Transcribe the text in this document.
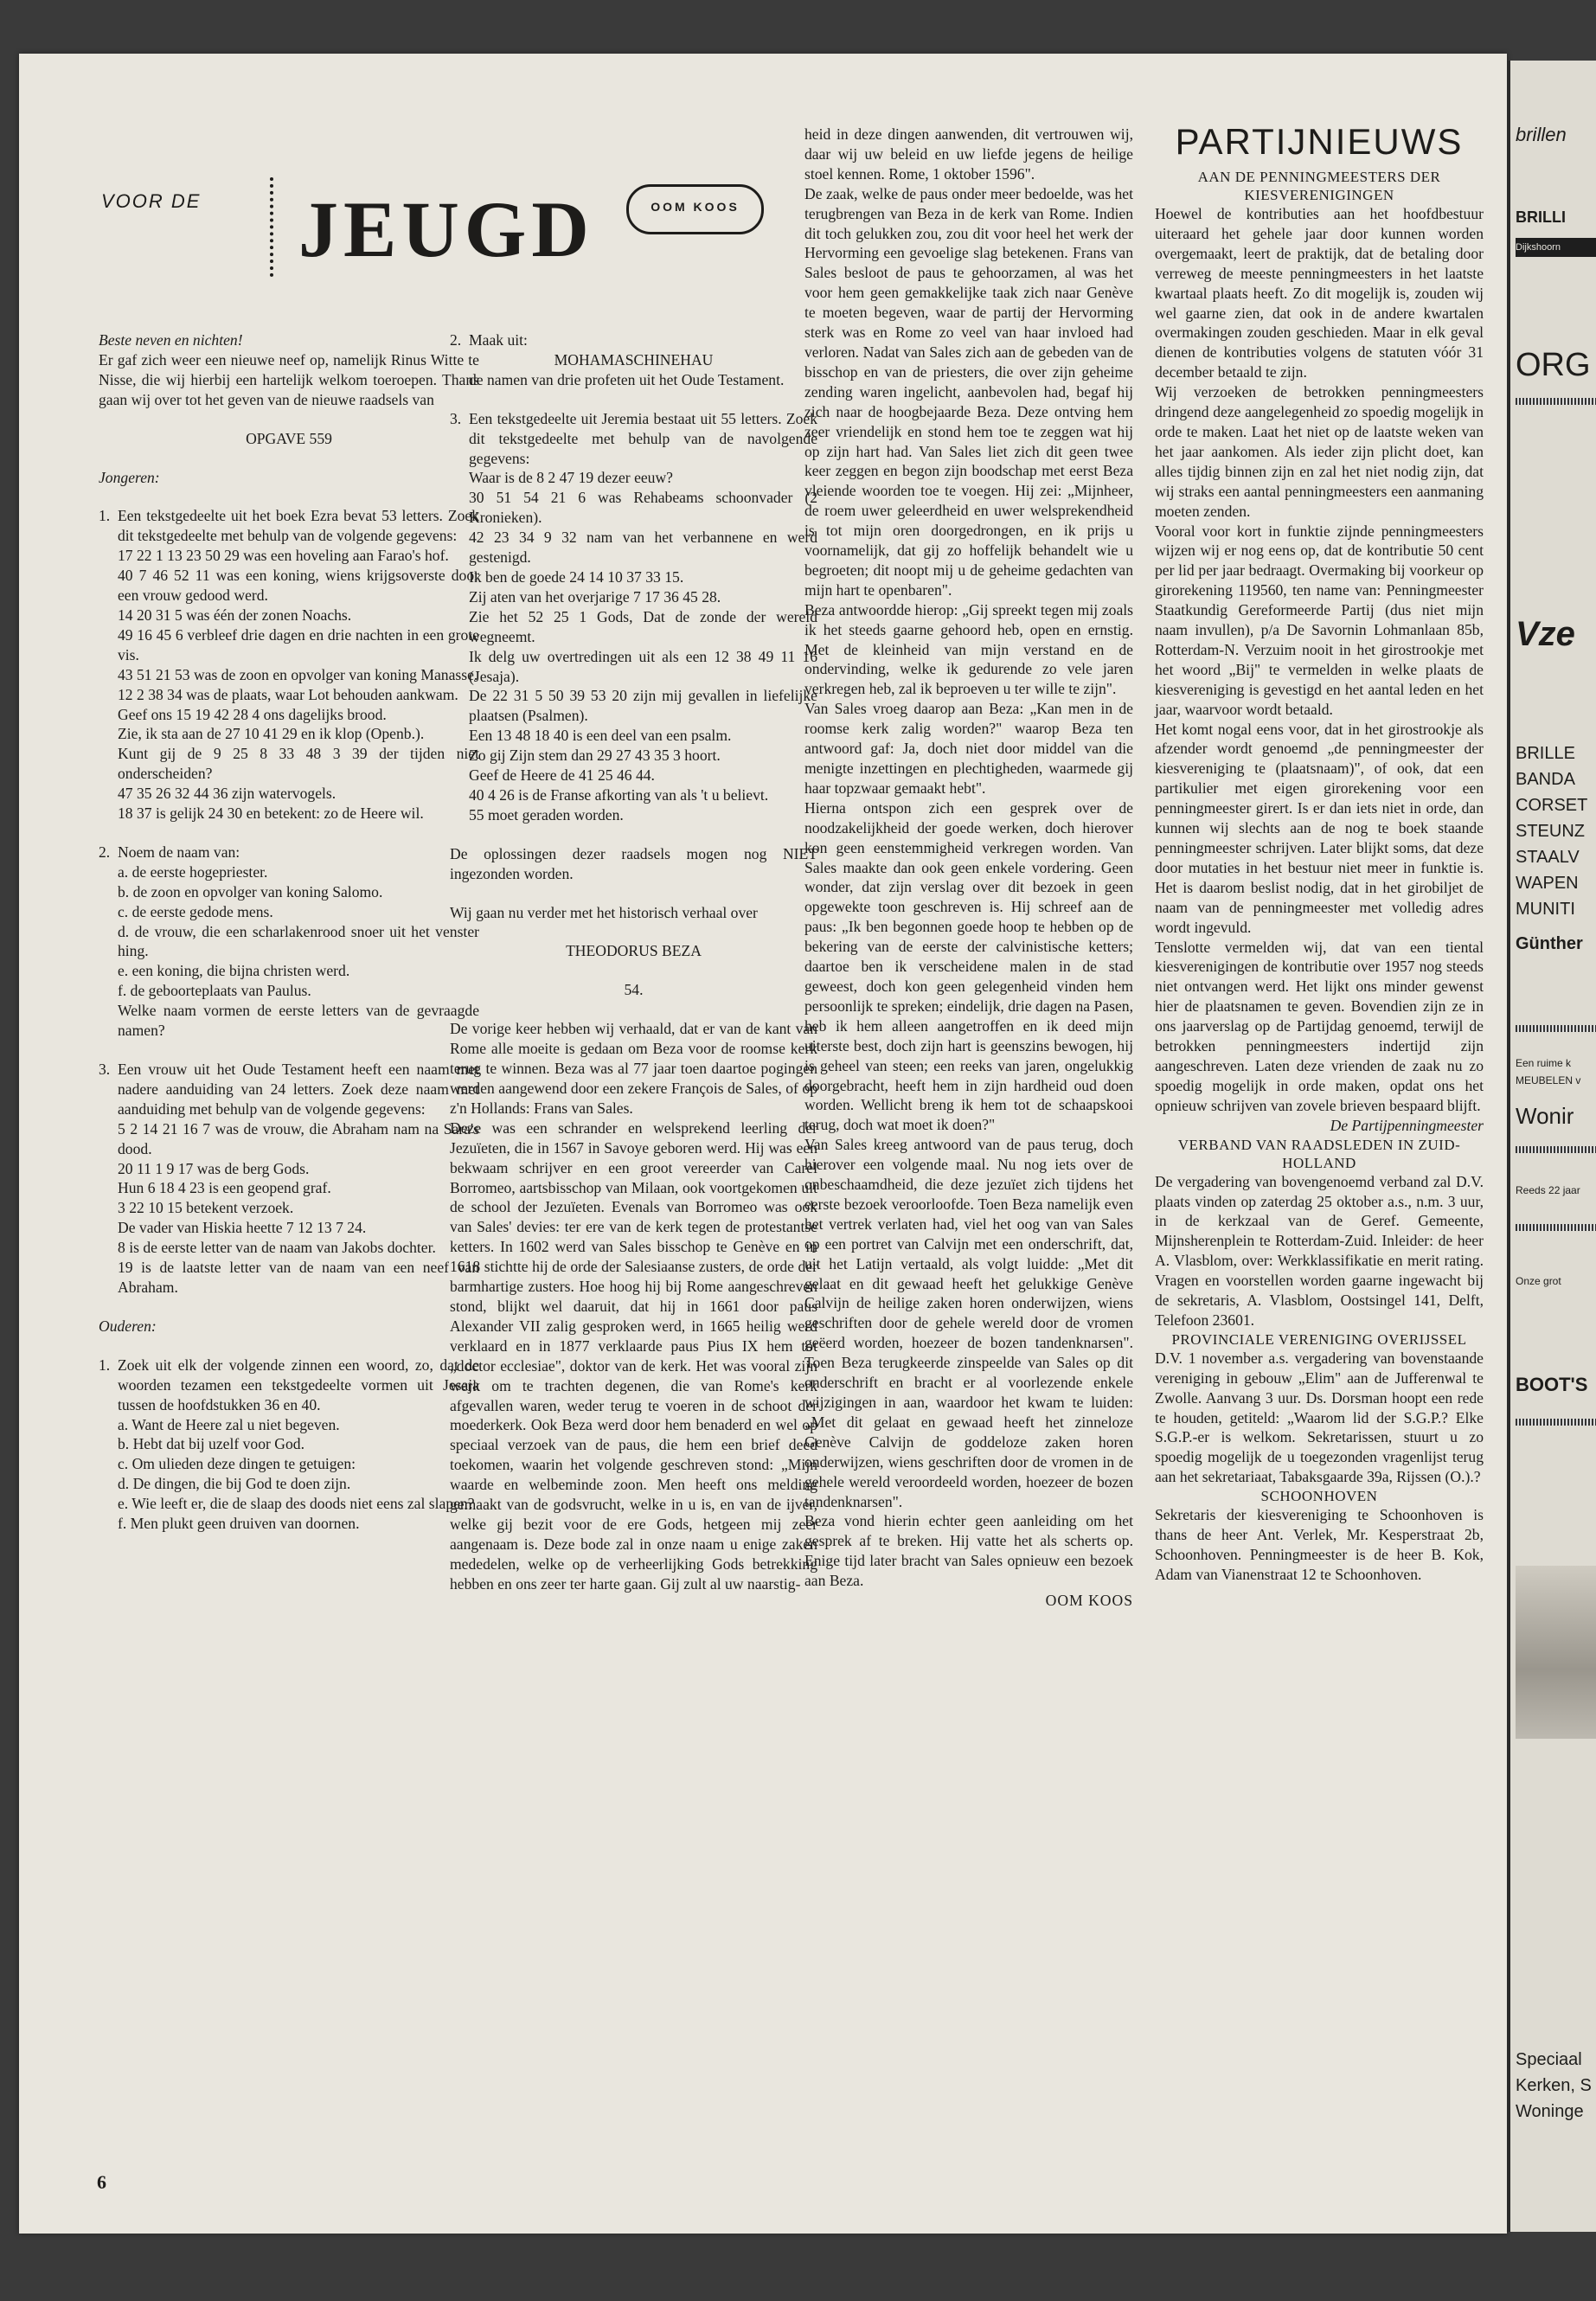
VOOR DE JEUGD	OOM KOOS

Beste neven en nichten!

Er gaf zich weer een nieuwe neef op, namelijk Rinus Witte te Nisse, die wij hierbij een hartelijk welkom toeroepen. Thans gaan wij over tot het geven van de nieuwe raadsels van

OPGAVE 559

Jongeren:

1. Een tekstgedeelte uit het boek Ezra bevat 53 letters. Zoek dit tekstgedeelte met behulp van de volgende gegevens:

17 22 1 13 23 50 29 was een hoveling aan Farao's hof.

40 7 46 52 11 was een koning, wiens krijgsoverste door een vrouw gedood werd.

14 20 31 5 was één der zonen Noachs.

49 16 45 6 verbleef drie dagen en drie nachten in een grote vis.

43 51 21 53 was de zoon en opvolger van koning Manasse.

12 2 38 34 was de plaats, waar Lot behouden aankwam.

Geef ons 15 19 42 28 4 ons dagelijks brood.

Zie, ik sta aan de 27 10 41 29 en ik klop (Openb.).

Kunt gij de 9 25 8 33 48 3 39 der tijden niet onderscheiden?

47 35 26 32 44 36 zijn watervogels.

18 37 is gelijk 24 30 en betekent: zo de Heere wil.

2. Noem de naam van:

a. de eerste hogepriester.

b. de zoon en opvolger van koning Salomo.

c. de eerste gedode mens.

d. de vrouw, die een scharlakenrood snoer uit het venster hing.

e. een koning, die bijna christen werd.

f. de geboorteplaats van Paulus.

Welke naam vormen de eerste letters van de gevraagde namen?

3. Een vrouw uit het Oude Testament heeft een naam met nadere aanduiding van 24 letters. Zoek deze naam met aanduiding met behulp van de volgende gegevens:

5 2 14 21 16 7 was de vrouw, die Abraham nam na Sara's dood.

20 11 1 9 17 was de berg Gods.

Hun 6 18 4 23 is een geopend graf.

3 22 10 15 betekent verzoek.

De vader van Hiskia heette 7 12 13 7 24.

8 is de eerste letter van de naam van Jakobs dochter.

19 is de laatste letter van de naam van een neef van Abraham.

Ouderen:

1. Zoek uit elk der volgende zinnen een woord, zo, dat de woorden tezamen een tekstgedeelte vormen uit Jesaja tussen de hoofdstukken 36 en 40.

a. Want de Heere zal u niet begeven.

b. Hebt dat bij uzelf voor God.

c. Om ulieden deze dingen te getuigen:

d. De dingen, die bij God te doen zijn.

e. Wie leeft er, die de slaap des doods niet eens zal slapen?

f. Men plukt geen druiven van doornen.

2. Maak uit:

MOHAMASCHINEHAU

de namen van drie profeten uit het Oude Testament.

3. Een tekstgedeelte uit Jeremia bestaat uit 55 letters. Zoek dit tekstgedeelte met behulp van de navolgende gegevens:

Waar is de 8 2 47 19 dezer eeuw?

30 51 54 21 6 was Rehabeams schoonvader (2 Kronieken).

42 23 34 9 32 nam van het verbannene en werd gestenigd.

Ik ben de goede 24 14 10 37 33 15.

Zij aten van het overjarige 7 17 36 45 28.

Zie het 52 25 1 Gods, Dat de zonde der wereld wegneemt.

Ik delg uw overtredingen uit als een 12 38 49 11 16 (Jesaja).

De 22 31 5 50 39 53 20 zijn mij gevallen in liefelijke plaatsen (Psalmen).

Een 13 48 18 40 is een deel van een psalm.

Zo gij Zijn stem dan 29 27 43 35 3 hoort.

Geef de Heere de 41 25 46 44.

40 4 26 is de Franse afkorting van als 't u believt.

55 moet geraden worden.

De oplossingen dezer raadsels mogen nog NIET ingezonden worden.

Wij gaan nu verder met het historisch verhaal over

THEODORUS BEZA

54.

De vorige keer hebben wij verhaald, dat er van de kant van Rome alle moeite is gedaan om Beza voor de roomse kerk terug te winnen. Beza was al 77 jaar toen daartoe pogingen werden aangewend door een zekere François de Sales, of op z'n Hollands: Frans van Sales.

Deze was een schrander en welsprekend leerling der Jezuïeten, die in 1567 in Savoye geboren werd. Hij was een bekwaam schrijver en een groot vereerder van Carel Borromeo, aartsbisschop van Milaan, ook voortgekomen uit de school der Jezuïeten. Evenals van Borromeo was ook van Sales' devies: ter ere van de kerk tegen de protestantse ketters. In 1602 werd van Sales bisschop te Genève en in 1618 stichtte hij de orde der Salesiaanse zusters, de orde der barmhartige zusters. Hoe hoog hij bij Rome aangeschreven stond, blijkt wel daaruit, dat hij in 1661 door paus Alexander VII zalig gesproken werd, in 1665 heilig werd verklaard en in 1877 verklaarde paus Pius IX hem tot „doctor ecclesiae", doktor van de kerk. Het was vooral zijn werk om te trachten degenen, die van Rome's kerk afgevallen waren, weder terug te voeren in de schoot der moederkerk. Ook Beza werd door hem benaderd en wel op speciaal verzoek van de paus, die hem een brief deed toekomen, waarin het volgende geschreven stond: „Mijn waarde en welbeminde zoon. Men heeft ons melding gemaakt van de godsvrucht, welke in u is, en van de ijver, welke gij bezit voor de ere Gods, hetgeen mij zeer aangenaam is. Deze bode zal in onze naam u enige zaken mededelen, welke op de verheerlijking Gods betrekking hebben en ons zeer ter harte gaan. Gij zult al uw naarstig-

heid in deze dingen aanwenden, dit vertrouwen wij, daar wij uw beleid en uw liefde jegens de heilige stoel kennen. Rome, 1 oktober 1596".

De zaak, welke de paus onder meer bedoelde, was het terugbrengen van Beza in de kerk van Rome. Indien dit toch gelukken zou, zou dit voor heel het werk der Hervorming een gevoelige slag betekenen. Frans van Sales besloot de paus te gehoorzamen, al was het voor hem geen gemakkelijke taak zich naar Genève te moeten begeven, waar de partij der Hervorming sterk was en Rome zo veel van haar invloed had verloren. Nadat van Sales zich aan de gebeden van de bisschop en van de priesters, die over zijn geheime zending waren ingelicht, aanbevolen had, begaf hij zich naar de hoogbejaarde Beza. Deze ontving hem zeer vriendelijk en stond hem toe te zeggen wat hij op zijn hart had. Van Sales liet zich dit geen twee keer zeggen en begon zijn boodschap met eerst Beza vleiende woorden toe te voegen. Hij zei: „Mijnheer, de roem uwer geleerdheid en uwer welsprekendheid is tot mijn oren doorgedrongen, en ik prijs u voornamelijk, dat gij zo hoffelijk behandelt wie u begroeten; dit noopt mij u de geheime gedachten van mijn hart te openbaren".

Beza antwoordde hierop: „Gij spreekt tegen mij zoals ik het steeds gaarne gehoord heb, open en ernstig. Met de kleinheid van mijn verstand en de ondervinding, welke ik gedurende zo vele jaren verkregen heb, zal ik beproeven u ter wille te zijn".

Van Sales vroeg daarop aan Beza: „Kan men in de roomse kerk zalig worden?" waarop Beza ten antwoord gaf: Ja, doch niet door middel van die menigte inzettingen en plechtigheden, waarmede gij haar topzwaar gemaakt hebt".

Hierna ontspon zich een gesprek over de noodzakelijkheid der goede werken, doch hierover kon geen eenstemmigheid verkregen worden. Van Sales maakte dan ook geen enkele vordering. Geen wonder, dat zijn verslag over dit bezoek in geen opgewekte toon geschreven is. Hij schreef aan de paus: „Ik ben begonnen goede hoop te hebben op de bekering van de eerste der calvinistische ketters; daartoe ben ik verscheidene malen in de stad geweest, doch kon geen gelegenheid vinden hem persoonlijk te spreken; eindelijk, drie dagen na Pasen, heb ik hem alleen aangetroffen en ik deed mijn uiterste best, doch zijn hart is geenszins bewogen, hij is geheel van steen; een reeks van jaren, ongelukkig doorgebracht, heeft hem in zijn hardheid oud doen worden. Wellicht breng ik hem tot de schaapskooi terug, doch wat moet ik doen?"

Van Sales kreeg antwoord van de paus terug, doch hierover een volgende maal. Nu nog iets over de onbeschaamdheid, die deze jezuïet zich tijdens het eerste bezoek veroorloofde. Toen Beza namelijk even het vertrek verlaten had, viel het oog van van Sales op een portret van Calvijn met een onderschrift, dat, uit het Latijn vertaald, als volgt luidde: „Met dit gelaat en dit gewaad heeft het gelukkige Genève Calvijn de heilige zaken horen onderwijzen, wiens geschriften door de gehele wereld door de vromen geëerd worden, hoezeer de bozen tandenknarsen". Toen Beza terugkeerde zinspeelde van Sales op dit onderschrift en bracht er al voorlezende enkele wijzigingen in aan, waardoor het kwam te luiden: „Met dit gelaat en gewaad heeft het zinneloze Genève Calvijn de goddeloze zaken horen onderwijzen, wiens geschriften door de vromen in de gehele wereld veroordeeld worden, hoezeer de bozen tandenknarsen".

Beza vond hierin echter geen aanleiding om het gesprek af te breken. Hij vatte het als scherts op. Enige tijd later bracht van Sales opnieuw een bezoek aan Beza.

OOM KOOS

PARTIJNIEUWS

AAN DE PENNINGMEESTERS DER KIESVERENIGINGEN

Hoewel de kontributies aan het hoofdbestuur uiteraard het gehele jaar door kunnen worden overgemaakt, leert de praktijk, dat de betaling door verreweg de meeste penningmeesters in het laatste kwartaal plaats heeft. Zo dit mogelijk is, zouden wij wel gaarne zien, dat ook in de andere kwartalen overmakingen zouden geschieden. Maar in elk geval dienen de kontributies volgens de statuten vóór 31 december betaald te zijn.

Wij verzoeken de betrokken penningmeesters dringend deze aangelegenheid zo spoedig mogelijk in orde te maken. Laat het niet op de laatste weken van het jaar aankomen. Als ieder zijn plicht doet, kan alles tijdig binnen zijn en zal het niet nodig zijn, dat wij straks een aantal penningmeesters een aanmaning moeten zenden.

Vooral voor kort in funktie zijnde penningmeesters wijzen wij er nog eens op, dat de kontributie 50 cent per lid per jaar bedraagt. Overmaking bij voorkeur op girorekening 119560, ten name van: Penningmeester Staatkundig Gereformeerde Partij (dus niet mijn naam invullen), p/a De Savornin Lohmanlaan 85b, Rotterdam-N. Verzuim nooit in het girostrookje met het woord „Bij" te vermelden in welke plaats de kiesvereniging is gevestigd en het aantal leden en het jaar, waarvoor wordt betaald.

Het komt nogal eens voor, dat in het girostrookje als afzender wordt genoemd „de penningmeester der kiesvereniging te (plaatsnaam)", of ook, dat een partikulier met eigen girorekening voor een penningmeester girert. Is er dan iets niet in orde, dan kunnen wij slechts aan de nog te boek staande penningmeester schrijven. Later blijkt soms, dat deze door mutaties in het bestuur niet meer in funktie is. Het is daarom beslist nodig, dat in het girobiljet de naam van de penningmeester met volledig adres wordt ingevuld.

Tenslotte vermelden wij, dat van een tiental kiesverenigingen de kontributie over 1957 nog steeds niet ontvangen werd. Het lijkt ons minder gewenst hier de plaatsnamen te geven. Bovendien zijn ze in ons jaarverslag op de Partijdag genoemd, terwijl de betrokken penningmeesters indertijd zijn aangeschreven. Laten deze vrienden de zaak nu zo spoedig mogelijk in orde maken, opdat ons het opnieuw schrijven van zovele brieven bespaard blijft.

De Partijpenningmeester

VERBAND VAN RAADSLEDEN IN ZUID-HOLLAND

De vergadering van bovengenoemd verband zal D.V. plaats vinden op zaterdag 25 oktober a.s., n.m. 3 uur, in de kerkzaal van de Geref. Gemeente, Mijnsherenplein te Rotterdam-Zuid. Inleider: de heer A. Vlasblom, over: Werkklassifikatie en merit rating. Vragen en voorstellen worden gaarne ingewacht bij de sekretaris, A. Vlasblom, Oostsingel 141, Delft, Telefoon 23601.

PROVINCIALE VERENIGING OVERIJSSEL

D.V. 1 november a.s. vergadering van bovenstaande vereniging in gebouw „Elim" aan de Jufferenwal te Zwolle. Aanvang 3 uur. Ds. Dorsman hoopt een rede te houden, getiteld: „Waarom lid der S.G.P.? Elke S.G.P.-er is welkom. Sekretarissen, stuurt u zo spoedig mogelijk de u toegezonden vragenlijst terug aan het sekretariaat, Tabaksgaarde 39a, Rijssen (O.).?

SCHOONHOVEN

Sekretaris der kiesvereniging te Schoonhoven is thans de heer Ant. Verlek, Mr. Kesperstraat 2b, Schoonhoven. Penningmeester is de heer B. Kok, Adam van Vianenstraat 12 te Schoonhoven.

6
brillen
BRILLI
Dijkshoorn
ORG
Vze
BRILLE
BANDA
CORSET
STEUNZ
STAALV
WAPEN
MUNITI
Günther
Een ruime k
MEUBELEN v
Wonir
Reeds 22 jaar
Onze grot
BOOT'S
Speciaal
Kerken, S
Woninge
